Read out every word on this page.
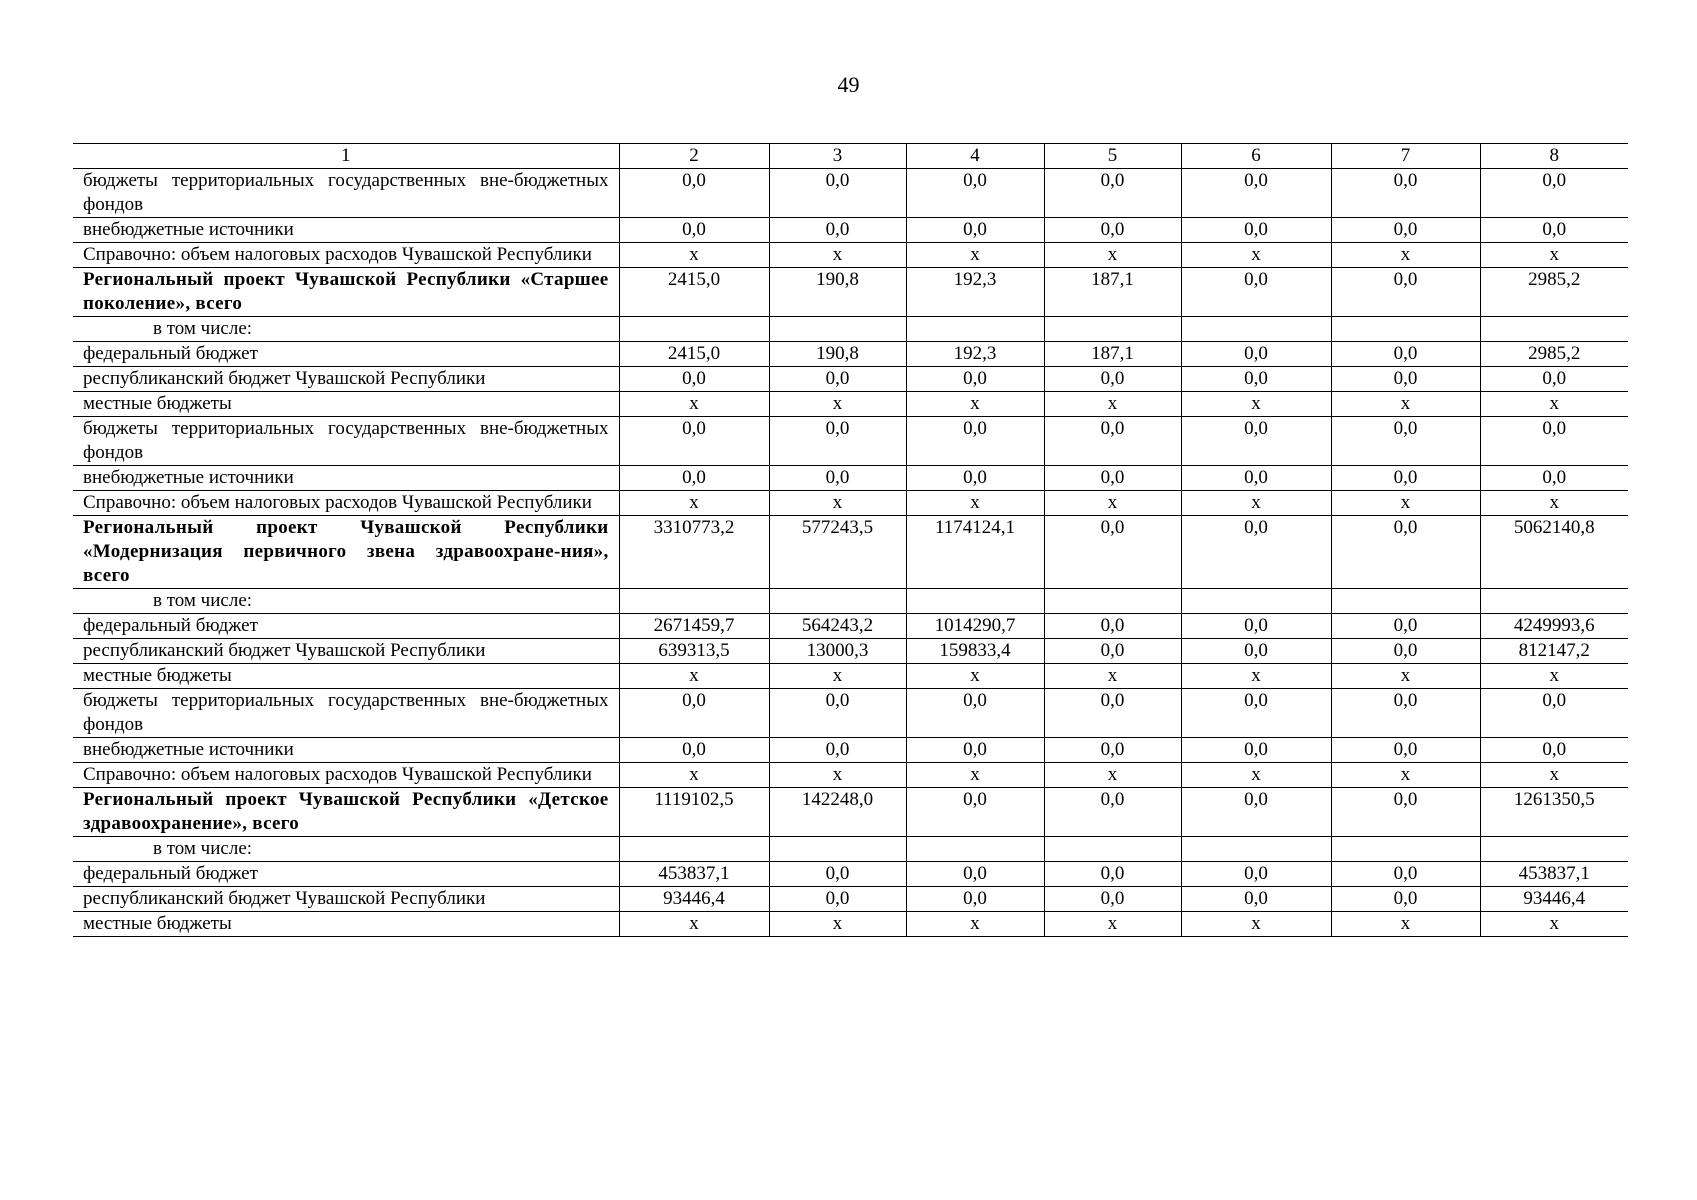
49
1	2	3	4	5	6	7	8
бюджеты территориальных государственных вне-бюджетных фондов	0,0	0,0	0,0	0,0	0,0	0,0	0,0
внебюджетные источники	0,0	0,0	0,0	0,0	0,0	0,0	0,0
Справочно: объем налоговых расходов Чувашской Республики	х	х	х	х	х	х	х
Региональный проект Чувашской Республики «Старшее поколение», всего	2415,0	190,8	192,3	187,1	0,0	0,0	2985,2
в том числе:							
федеральный бюджет	2415,0	190,8	192,3	187,1	0,0	0,0	2985,2
республиканский бюджет Чувашской Республики	0,0	0,0	0,0	0,0	0,0	0,0	0,0
местные бюджеты	х	х	х	х	х	х	х
бюджеты территориальных государственных вне-бюджетных фондов	0,0	0,0	0,0	0,0	0,0	0,0	0,0
внебюджетные источники	0,0	0,0	0,0	0,0	0,0	0,0	0,0
Справочно: объем налоговых расходов Чувашской Республики	х	х	х	х	х	х	х
Региональный проект Чувашской Республики «Модернизация первичного звена здравоохране-ния», всего	3310773,2	577243,5	1174124,1	0,0	0,0	0,0	5062140,8
в том числе:							
федеральный бюджет	2671459,7	564243,2	1014290,7	0,0	0,0	0,0	4249993,6
республиканский бюджет Чувашской Республики	639313,5	13000,3	159833,4	0,0	0,0	0,0	812147,2
местные бюджеты	х	х	х	х	х	х	х
бюджеты территориальных государственных вне-бюджетных фондов	0,0	0,0	0,0	0,0	0,0	0,0	0,0
внебюджетные источники	0,0	0,0	0,0	0,0	0,0	0,0	0,0
Справочно: объем налоговых расходов Чувашской Республики	х	х	х	х	х	х	х
Региональный проект Чувашской Республики «Детское здравоохранение», всего	1119102,5	142248,0	0,0	0,0	0,0	0,0	1261350,5
в том числе:							
федеральный бюджет	453837,1	0,0	0,0	0,0	0,0	0,0	453837,1
республиканский бюджет Чувашской Республики	93446,4	0,0	0,0	0,0	0,0	0,0	93446,4
местные бюджеты	х	х	х	х	х	х	х
